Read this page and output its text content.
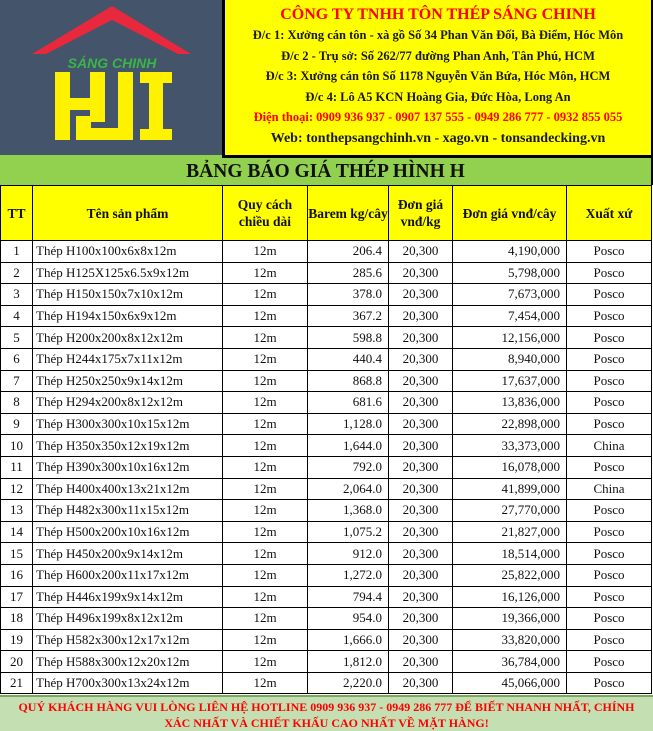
SÁNG CHINH
CÔNG TY TNHH TÔN THÉP SÁNG CHINH
Đ/c 1: Xưởng cán tôn - xà gồ Số 34 Phan Văn Đối, Bà Điểm, Hóc Môn
Đ/c 2 - Trụ sở: Số 262/77 đường Phan Anh, Tân Phú, HCM
Đ/c 3: Xưởng cán tôn Số 1178 Nguyễn Văn Bứa, Hóc Môn, HCM
Đ/c 4: Lô A5 KCN Hoàng Gia, Đức Hòa, Long An
Điện thoại: 0909 936 937 - 0907 137 555 - 0949 286 777 - 0932 855 055
Web: tonthepsangchinh.vn - xago.vn - tonsandecking.vn
BẢNG BÁO GIÁ THÉP HÌNH H
TT	Tên sản phẩm	Quy cách chiều dài	Barem kg/cây	Đơn giá vnđ/kg	Đơn giá vnđ/cây	Xuất xứ
1	Thép H100x100x6x8x12m	12m	206.4	20,300	4,190,000	Posco
2	Thép H125X125x6.5x9x12m	12m	285.6	20,300	5,798,000	Posco
3	Thép H150x150x7x10x12m	12m	378.0	20,300	7,673,000	Posco
4	Thép H194x150x6x9x12m	12m	367.2	20,300	7,454,000	Posco
5	Thép H200x200x8x12x12m	12m	598.8	20,300	12,156,000	Posco
6	Thép H244x175x7x11x12m	12m	440.4	20,300	8,940,000	Posco
7	Thép H250x250x9x14x12m	12m	868.8	20,300	17,637,000	Posco
8	Thép H294x200x8x12x12m	12m	681.6	20,300	13,836,000	Posco
9	Thép H300x300x10x15x12m	12m	1,128.0	20,300	22,898,000	Posco
10	Thép H350x350x12x19x12m	12m	1,644.0	20,300	33,373,000	China
11	Thép H390x300x10x16x12m	12m	792.0	20,300	16,078,000	Posco
12	Thép H400x400x13x21x12m	12m	2,064.0	20,300	41,899,000	China
13	Thép H482x300x11x15x12m	12m	1,368.0	20,300	27,770,000	Posco
14	Thép H500x200x10x16x12m	12m	1,075.2	20,300	21,827,000	Posco
15	Thép H450x200x9x14x12m	12m	912.0	20,300	18,514,000	Posco
16	Thép H600x200x11x17x12m	12m	1,272.0	20,300	25,822,000	Posco
17	Thép H446x199x9x14x12m	12m	794.4	20,300	16,126,000	Posco
18	Thép H496x199x8x12x12m	12m	954.0	20,300	19,366,000	Posco
19	Thép H582x300x12x17x12m	12m	1,666.0	20,300	33,820,000	Posco
20	Thép H588x300x12x20x12m	12m	1,812.0	20,300	36,784,000	Posco
21	Thép H700x300x13x24x12m	12m	2,220.0	20,300	45,066,000	Posco
QUÝ KHÁCH HÀNG VUI LÒNG LIÊN HỆ HOTLINE 0909 936 937 - 0949 286 777 ĐỂ BIẾT NHANH NHẤT, CHÍNH
XÁC NHẤT VÀ CHIẾT KHẤU CAO NHẤT VỀ MẶT HÀNG!
